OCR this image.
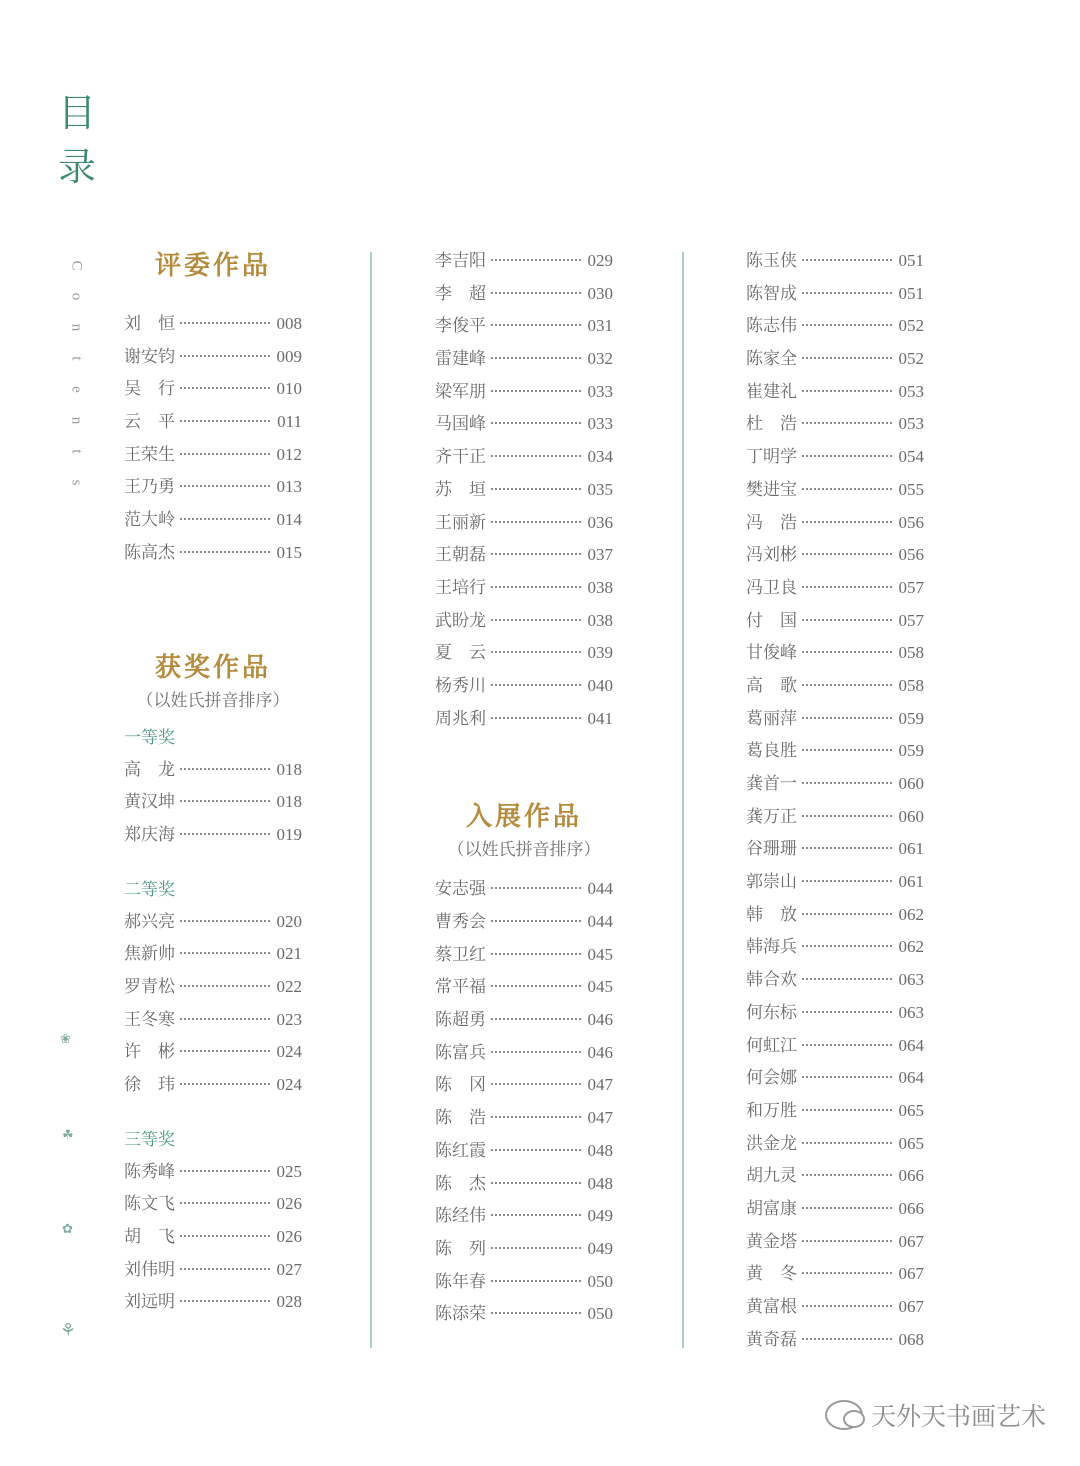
目
录
C
o
n
t
e
n
t
s
❀
☘
✿
⚘
评委作品
刘　恒	008
谢安钧	009
吴　行	010
云　平	011
王荣生	012
王乃勇	013
范大岭	014
陈高杰	015
获奖作品
（以姓氏拼音排序）
一等奖
高　龙	018
黄汉坤	018
郑庆海	019
二等奖
郝兴亮	020
焦新帅	021
罗青松	022
王冬寒	023
许　彬	024
徐　玮	024
三等奖
陈秀峰	025
陈文飞	026
胡　飞	026
刘伟明	027
刘远明	028
李吉阳	029
李　超	030
李俊平	031
雷建峰	032
梁军朋	033
马国峰	033
齐干正	034
苏　垣	035
王丽新	036
王朝磊	037
王培行	038
武盼龙	038
夏　云	039
杨秀川	040
周兆利	041
入展作品
（以姓氏拼音排序）
安志强	044
曹秀会	044
蔡卫红	045
常平福	045
陈超勇	046
陈富兵	046
陈　冈	047
陈　浩	047
陈红霞	048
陈　杰	048
陈经伟	049
陈　列	049
陈年春	050
陈添荣	050
陈玉侠	051
陈智成	051
陈志伟	052
陈家全	052
崔建礼	053
杜　浩	053
丁明学	054
樊进宝	055
冯　浩	056
冯刘彬	056
冯卫良	057
付　国	057
甘俊峰	058
高　歌	058
葛丽萍	059
葛良胜	059
龚首一	060
龚万正	060
谷珊珊	061
郭崇山	061
韩　放	062
韩海兵	062
韩合欢	063
何东标	063
何虹江	064
何会娜	064
和万胜	065
洪金龙	065
胡九灵	066
胡富康	066
黄金塔	067
黄　冬	067
黄富根	067
黄奇磊	068
天外天书画艺术
